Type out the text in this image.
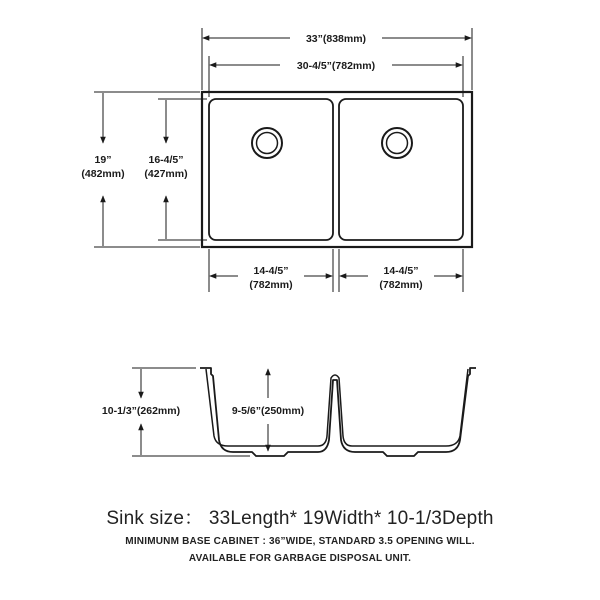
33”(838mm)
30-4/5”(782mm)
19”
(482mm)
16-4/5”
(427mm)
14-4/5”
(782mm)
14-4/5”
(782mm)
10-1/3”(262mm)	9-5/6”(250mm)
Sink size： 33Length* 19Width* 10-1/3Depth
MINIMUNM BASE CABINET : 36”WIDE, STANDARD 3.5 OPENING WILL.
AVAILABLE FOR GARBAGE DISPOSAL UNIT.
